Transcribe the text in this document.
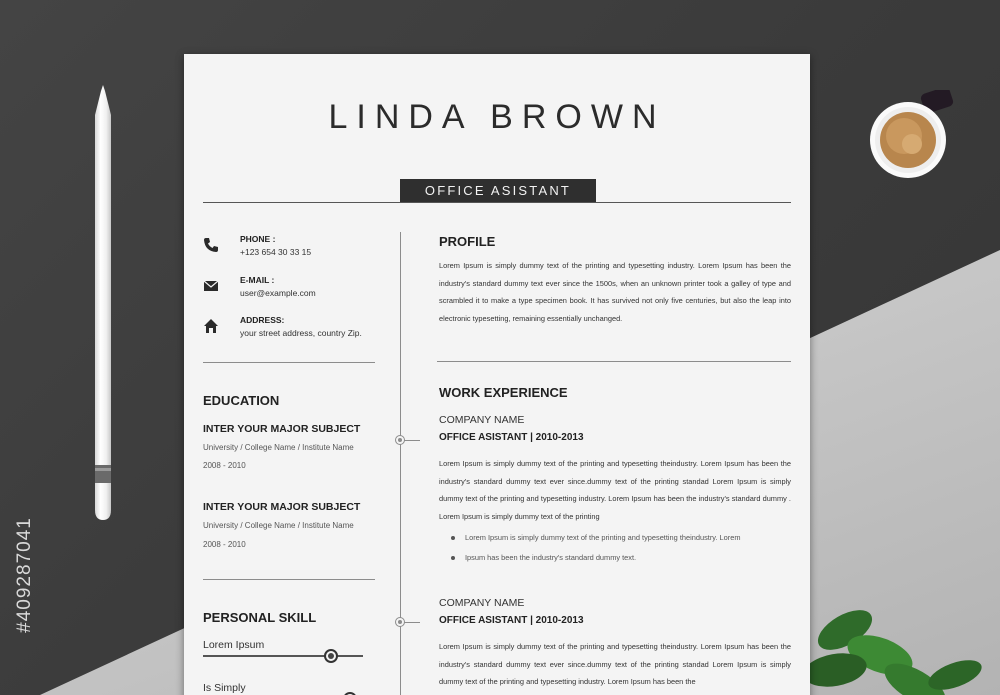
#409287041
LINDA BROWN
OFFICE ASISTANT
PHONE :
+123 654 30 33 15
E-MAIL :
user@example.com
ADDRESS:
your street address, country Zip.
EDUCATION
INTER YOUR MAJOR SUBJECT
University / College Name / Institute Name
2008 - 2010
INTER YOUR MAJOR SUBJECT
University / College Name / Institute Name
2008 - 2010
PERSONAL SKILL
Lorem Ipsum
Is Simply
PROFILE
Lorem Ipsum is simply dummy text of the printing and typesetting industry. Lorem Ipsum has been the industry's standard dummy text ever since the 1500s, when an unknown printer took a galley of type and scrambled it to make a type specimen book. It has survived not only five centuries, but also the leap into electronic typesetting, remaining essentially unchanged.
WORK EXPERIENCE
COMPANY NAME
OFFICE ASISTANT | 2010-2013
Lorem Ipsum is simply dummy text of the printing and typesetting theindustry. Lorem Ipsum has been the industry's standard dummy text ever since.dummy text of the printing standad Lorem Ipsum is simply dummy text of the printing and typesetting industry. Lorem Ipsum has been the industry's standard dummy . Lorem Ipsum is simply dummy text of the printing
Lorem Ipsum is simply dummy text of the printing and typesetting theindustry. Lorem
Ipsum has been the industry's standard dummy text.
COMPANY NAME
OFFICE ASISTANT | 2010-2013
Lorem Ipsum is simply dummy text of the printing and typesetting theindustry. Lorem Ipsum has been the industry's standard dummy text ever since.dummy text of the printing standad Lorem Ipsum is simply dummy text of the printing and typesetting industry. Lorem Ipsum has been the
